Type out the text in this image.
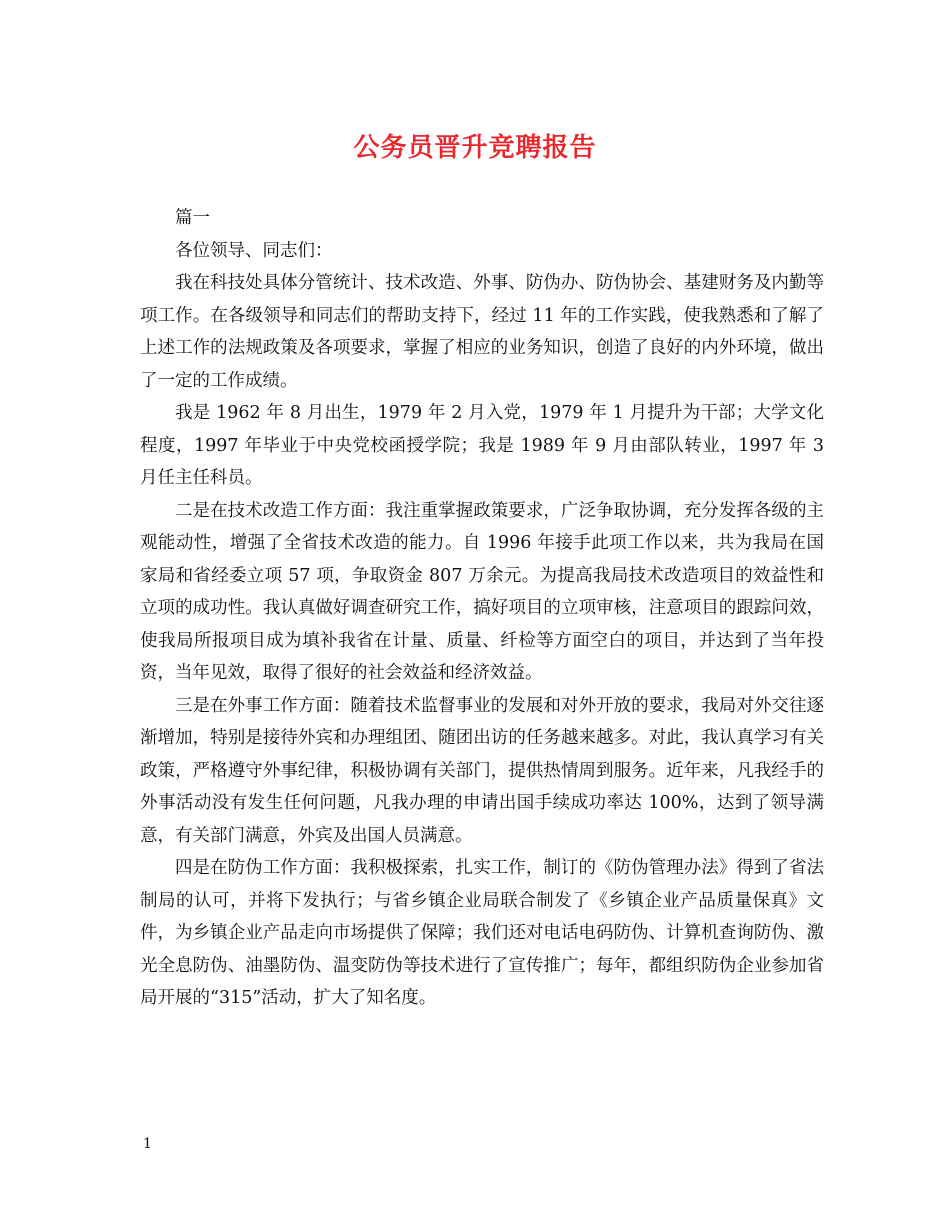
公务员晋升竞聘报告

篇一

各位领导、同志们：

我在科技处具体分管统计、技术改造、外事、防伪办、防伪协会、基建财务及内勤等项工作。在各级领导和同志们的帮助支持下，经过 11 年的工作实践，使我熟悉和了解了上述工作的法规政策及各项要求，掌握了相应的业务知识，创造了良好的内外环境，做出了一定的工作成绩。

我是 1962 年 8 月出生，1979 年 2 月入党，1979 年 1 月提升为干部；大学文化程度，1997 年毕业于中央党校函授学院；我是 1989 年 9 月由部队转业，1997 年 3 月任主任科员。

二是在技术改造工作方面：我注重掌握政策要求，广泛争取协调，充分发挥各级的主观能动性，增强了全省技术改造的能力。自 1996 年接手此项工作以来，共为我局在国家局和省经委立项 57 项，争取资金 807 万余元。为提高我局技术改造项目的效益性和立项的成功性。我认真做好调查研究工作，搞好项目的立项审核，注意项目的跟踪问效，使我局所报项目成为填补我省在计量、质量、纤检等方面空白的项目，并达到了当年投资，当年见效，取得了很好的社会效益和经济效益。

三是在外事工作方面：随着技术监督事业的发展和对外开放的要求，我局对外交往逐渐增加，特别是接待外宾和办理组团、随团出访的任务越来越多。对此，我认真学习有关政策，严格遵守外事纪律，积极协调有关部门，提供热情周到服务。近年来，凡我经手的外事活动没有发生任何问题，凡我办理的申请出国手续成功率达 100%，达到了领导满意，有关部门满意，外宾及出国人员满意。

四是在防伪工作方面：我积极探索，扎实工作，制订的《防伪管理办法》得到了省法制局的认可，并将下发执行；与省乡镇企业局联合制发了《乡镇企业产品质量保真》文件，为乡镇企业产品走向市场提供了保障；我们还对电话电码防伪、计算机查询防伪、激光全息防伪、油墨防伪、温变防伪等技术进行了宣传推广；每年，都组织防伪企业参加省局开展的“315”活动，扩大了知名度。

1
